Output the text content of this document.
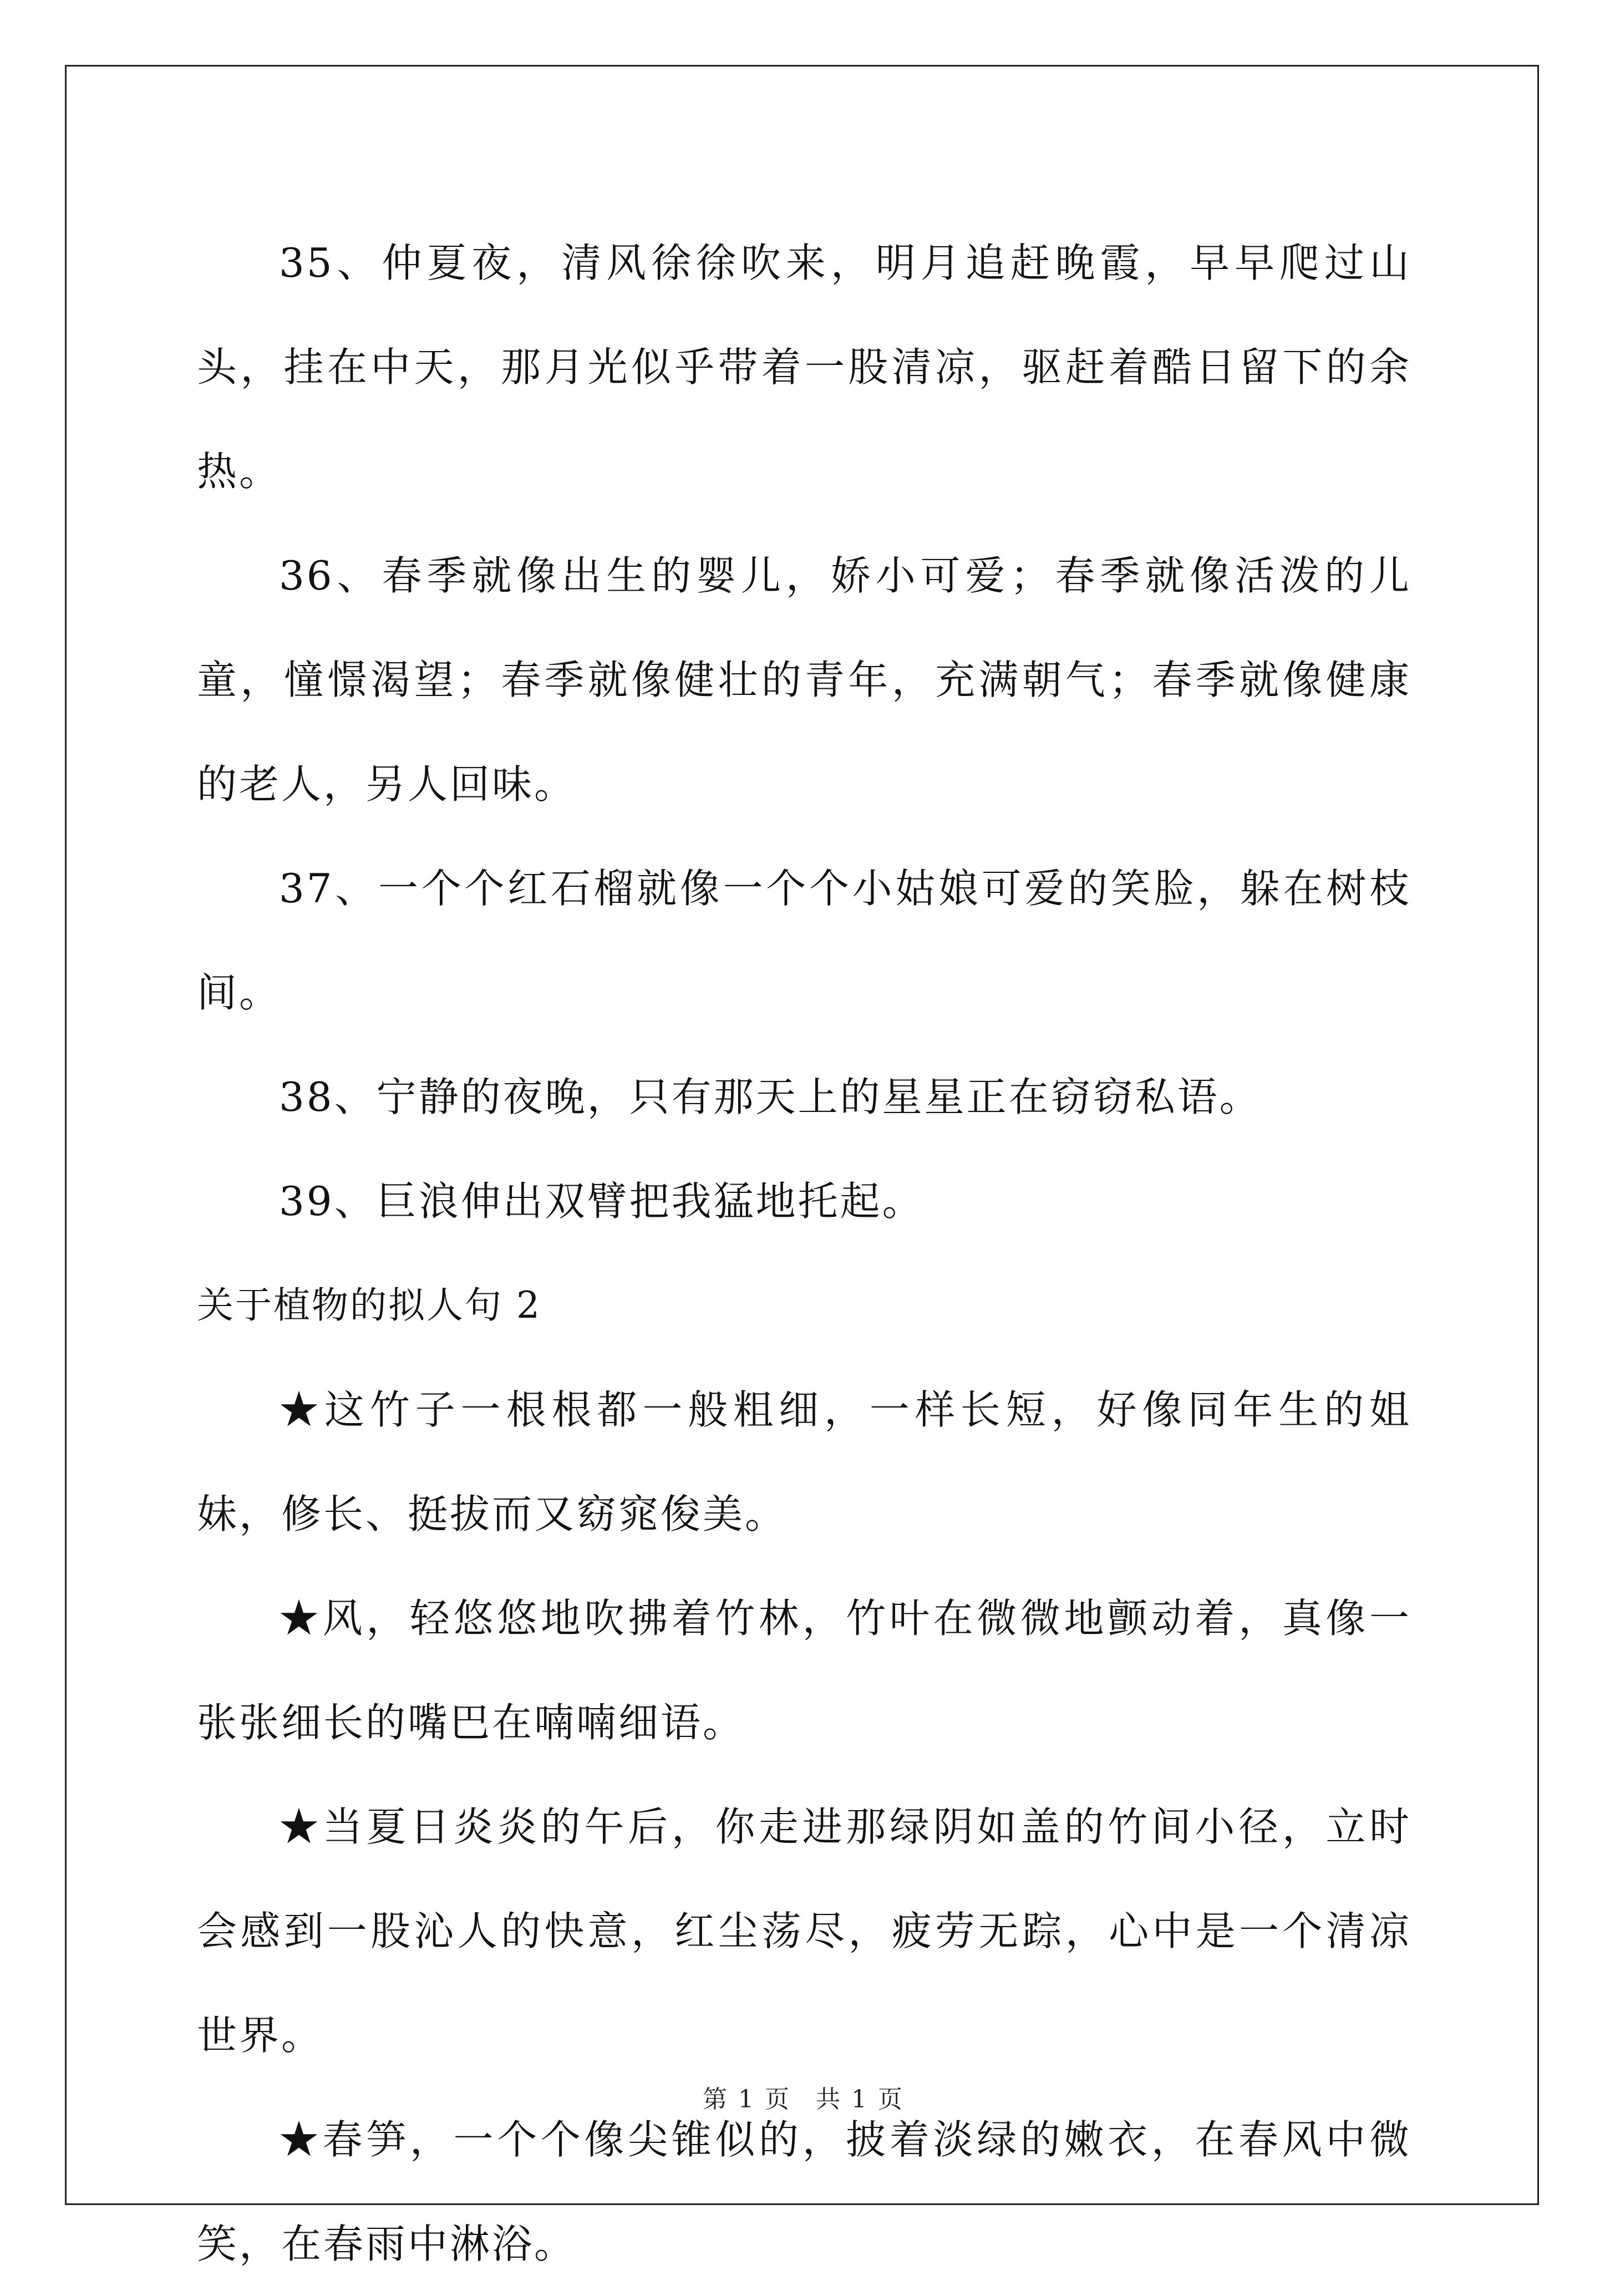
35、仲夏夜，清风徐徐吹来，明月追赶晚霞，早早爬过山头，挂在中天，那月光似乎带着一股清凉，驱赶着酷日留下的余热。

36、春季就像出生的婴儿，娇小可爱；春季就像活泼的儿童，憧憬渴望；春季就像健壮的青年，充满朝气；春季就像健康的老人，另人回味。

37、一个个红石榴就像一个个小姑娘可爱的笑脸，躲在树枝间。

38、宁静的夜晚，只有那天上的星星正在窃窃私语。

39、巨浪伸出双臂把我猛地托起。

关于植物的拟人句 2

★这竹子一根根都一般粗细，一样长短，好像同年生的姐妹，修长、挺拔而又窈窕俊美。

★风，轻悠悠地吹拂着竹林，竹叶在微微地颤动着，真像一张张细长的嘴巴在喃喃细语。

★当夏日炎炎的午后，你走进那绿阴如盖的竹间小径，立时会感到一股沁人的快意，红尘荡尽，疲劳无踪，心中是一个清凉世界。

★春笋，一个个像尖锥似的，披着淡绿的嫩衣，在春风中微笑，在春雨中淋浴。

第 1 页 共 1 页
